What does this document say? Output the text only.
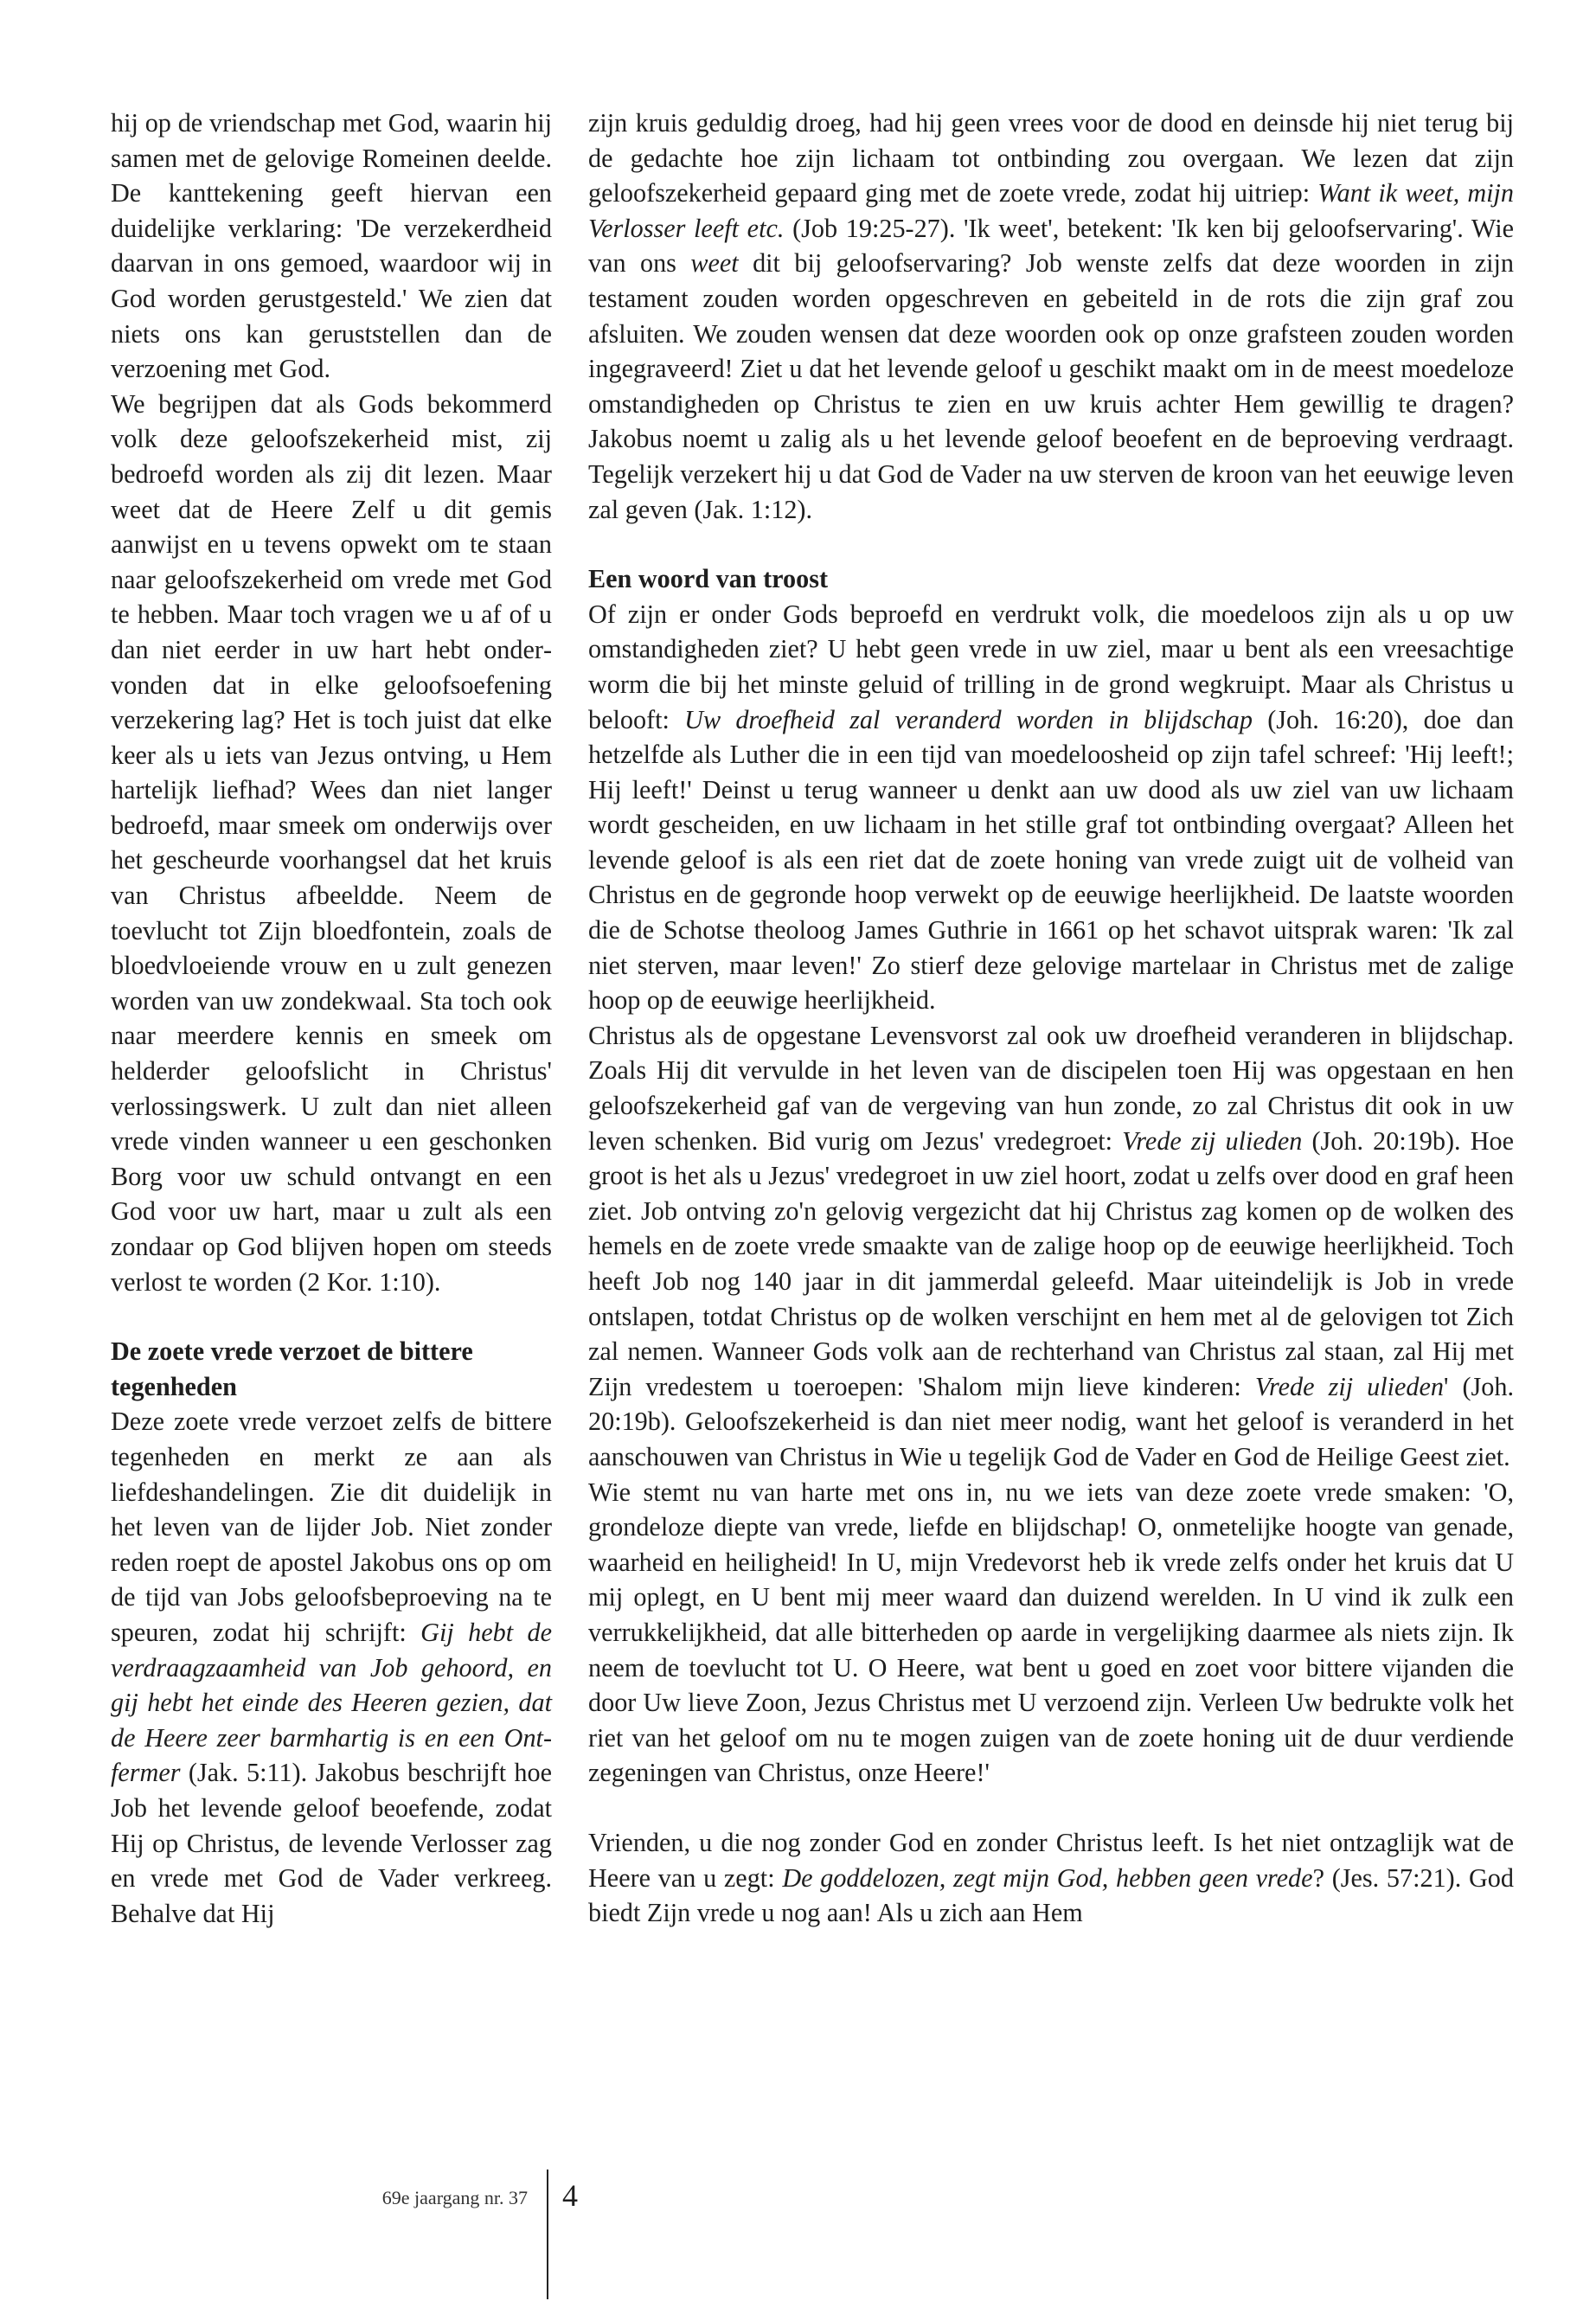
hij op de vriendschap met God, waarin hij samen met de gelovige Romeinen deelde. De kanttekening geeft hiervan een duidelijke verklaring: 'De verzekerdheid daarvan in ons gemoed, waardoor wij in God worden gerustgesteld.' We zien dat niets ons kan geruststellen dan de verzoening met God.

We begrijpen dat als Gods bekommerd volk deze geloofszekerheid mist, zij bedroefd worden als zij dit lezen. Maar weet dat de Heere Zelf u dit gemis aanwijst en u tevens opwekt om te staan naar geloofszekerheid om vrede met God te hebben. Maar toch vragen we u af of u dan niet eerder in uw hart hebt ondervonden dat in elke geloofsoefening verzekering lag? Het is toch juist dat elke keer als u iets van Jezus ontving, u Hem hartelijk liefhad? Wees dan niet langer bedroefd, maar smeek om onderwijs over het gescheurde voorhangsel dat het kruis van Christus afbeeldde. Neem de toevlucht tot Zijn bloedfontein, zoals de bloedvloeiende vrouw en u zult genezen worden van uw zondekwaal. Sta toch ook naar meerdere kennis en smeek om helderder geloofslicht in Christus' verlossingswerk. U zult dan niet alleen vrede vinden wanneer u een geschonken Borg voor uw schuld ontvangt en een God voor uw hart, maar u zult als een zondaar op God blijven hopen om steeds verlost te worden (2 Kor. 1:10).

De zoete vrede verzoet de bittere tegenheden

Deze zoete vrede verzoet zelfs de bittere tegenheden en merkt ze aan als liefdeshandelingen. Zie dit duidelijk in het leven van de lijder Job. Niet zonder reden roept de apostel Jakobus ons op om de tijd van Jobs geloofsbeproeving na te speuren, zodat hij schrijft: Gij hebt de verdraagzaamheid van Job gehoord, en gij hebt het einde des Heeren gezien, dat de Heere zeer barmhartig is en een Ontfermer (Jak. 5:11). Jakobus beschrijft hoe Job het levende geloof beoefende, zodat Hij op Christus, de levende Verlosser zag en vrede met God de Vader verkreeg. Behalve dat Hij

zijn kruis geduldig droeg, had hij geen vrees voor de dood en deinsde hij niet terug bij de gedachte hoe zijn lichaam tot ontbinding zou overgaan. We lezen dat zijn geloofszekerheid gepaard ging met de zoete vrede, zodat hij uitriep: Want ik weet, mijn Verlosser leeft etc. (Job 19:25-27). 'Ik weet', betekent: 'Ik ken bij geloofservaring'. Wie van ons weet dit bij geloofservaring? Job wenste zelfs dat deze woorden in zijn testament zouden worden opgeschreven en gebeiteld in de rots die zijn graf zou afsluiten. We zouden wensen dat deze woorden ook op onze grafsteen zouden worden ingegraveerd! Ziet u dat het levende geloof u geschikt maakt om in de meest moedeloze omstandigheden op Christus te zien en uw kruis achter Hem gewillig te dragen? Jakobus noemt u zalig als u het levende geloof beoefent en de beproeving verdraagt. Tegelijk verzekert hij u dat God de Vader na uw sterven de kroon van het eeuwige leven zal geven (Jak. 1:12).

Een woord van troost

Of zijn er onder Gods beproefd en verdrukt volk, die moedeloos zijn als u op uw omstandigheden ziet? U hebt geen vrede in uw ziel, maar u bent als een vreesachtige worm die bij het minste geluid of trilling in de grond wegkruipt. Maar als Christus u belooft: Uw droefheid zal veranderd worden in blijdschap (Joh. 16:20), doe dan hetzelfde als Luther die in een tijd van moedeloosheid op zijn tafel schreef: 'Hij leeft!; Hij leeft!' Deinst u terug wanneer u denkt aan uw dood als uw ziel van uw lichaam wordt gescheiden, en uw lichaam in het stille graf tot ontbinding overgaat? Alleen het levende geloof is als een riet dat de zoete honing van vrede zuigt uit de volheid van Christus en de gegronde hoop verwekt op de eeuwige heerlijkheid. De laatste woorden die de Schotse theoloog James Guthrie in 1661 op het schavot uitsprak waren: 'Ik zal niet sterven, maar leven!' Zo stierf deze gelovige martelaar in Christus met de zalige hoop op de eeuwige heerlijkheid.

Christus als de opgestane Levensvorst zal ook uw droefheid veranderen in blijdschap. Zoals Hij dit vervulde in het leven van de discipelen toen Hij was opgestaan en hen geloofszekerheid gaf van de vergeving van hun zonde, zo zal Christus dit ook in uw leven schenken. Bid vurig om Jezus' vredegroet: Vrede zij ulieden (Joh. 20:19b). Hoe groot is het als u Jezus' vredegroet in uw ziel hoort, zodat u zelfs over dood en graf heen ziet. Job ontving zo'n gelovig vergezicht dat hij Christus zag komen op de wolken des hemels en de zoete vrede smaakte van de zalige hoop op de eeuwige heerlijkheid. Toch heeft Job nog 140 jaar in dit jammerdal geleefd. Maar uiteindelijk is Job in vrede ontslapen, totdat Christus op de wolken verschijnt en hem met al de gelovigen tot Zich zal nemen. Wanneer Gods volk aan de rechterhand van Christus zal staan, zal Hij met Zijn vredestem u toeroepen: 'Shalom mijn lieve kinderen: Vrede zij ulieden' (Joh. 20:19b). Geloofszekerheid is dan niet meer nodig, want het geloof is veranderd in het aanschouwen van Christus in Wie u tegelijk God de Vader en God de Heilige Geest ziet.

Wie stemt nu van harte met ons in, nu we iets van deze zoete vrede smaken: 'O, grondeloze diepte van vrede, liefde en blijdschap! O, onmetelijke hoogte van genade, waarheid en heiligheid! In U, mijn Vredevorst heb ik vrede zelfs onder het kruis dat U mij oplegt, en U bent mij meer waard dan duizend werelden. In U vind ik zulk een verrukkelijkheid, dat alle bitterheden op aarde in vergelijking daarmee als niets zijn. Ik neem de toevlucht tot U. O Heere, wat bent u goed en zoet voor bittere vijanden die door Uw lieve Zoon, Jezus Christus met U verzoend zijn. Verleen Uw bedrukte volk het riet van het geloof om nu te mogen zuigen van de zoete honing uit de duur verdiende zegeningen van Christus, onze Heere!'

Vrienden, u die nog zonder God en zonder Christus leeft. Is het niet ontzaglijk wat de Heere van u zegt: De goddelozen, zegt mijn God, hebben geen vrede? (Jes. 57:21). God biedt Zijn vrede u nog aan! Als u zich aan Hem

69e jaargang nr. 37 4
